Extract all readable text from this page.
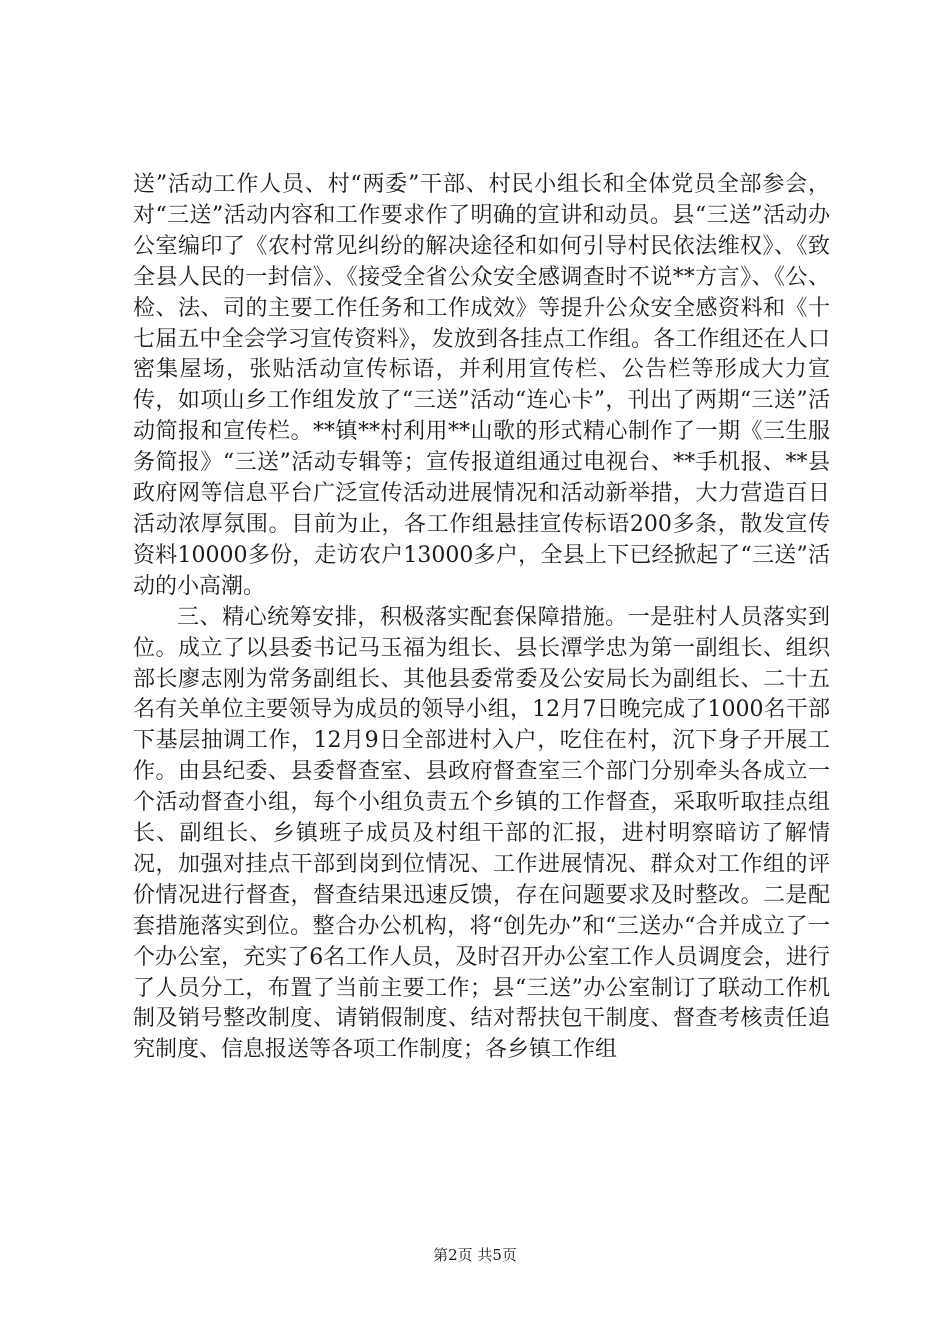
送”活动工作人员、村“两委”干部、村民小组长和全体党员全部参会，对“三送”活动内容和工作要求作了明确的宣讲和动员。县“三送”活动办公室编印了《农村常见纠纷的解决途径和如何引导村民依法维权》、《致全县人民的一封信》、《接受全省公众安全感调查时不说**方言》、《公、检、法、司的主要工作任务和工作成效》等提升公众安全感资料和《十七届五中全会学习宣传资料》，发放到各挂点工作组。各工作组还在人口密集屋场，张贴活动宣传标语，并利用宣传栏、公告栏等形成大力宣传，如项山乡工作组发放了“三送”活动“连心卡”，刊出了两期“三送”活动简报和宣传栏。**镇**村利用**山歌的形式精心制作了一期《三生服务简报》“三送”活动专辑等；宣传报道组通过电视台、**手机报、**县政府网等信息平台广泛宣传活动进展情况和活动新举措，大力营造百日活动浓厚氛围。目前为止，各工作组悬挂宣传标语200多条，散发宣传资料10000多份，走访农户13000多户，全县上下已经掀起了“三送”活动的小高潮。

三、精心统筹安排，积极落实配套保障措施。一是驻村人员落实到位。成立了以县委书记马玉福为组长、县长潭学忠为第一副组长、组织部长廖志刚为常务副组长、其他县委常委及公安局长为副组长、二十五名有关单位主要领导为成员的领导小组，12月7日晚完成了1000名干部下基层抽调工作，12月9日全部进村入户，吃住在村，沉下身子开展工作。由县纪委、县委督查室、县政府督查室三个部门分别牵头各成立一个活动督查小组，每个小组负责五个乡镇的工作督查，采取听取挂点组长、副组长、乡镇班子成员及村组干部的汇报，进村明察暗访了解情况，加强对挂点干部到岗到位情况、工作进展情况、群众对工作组的评价情况进行督查，督查结果迅速反馈，存在问题要求及时整改。二是配套措施落实到位。整合办公机构，将“创先办”和“三送办“合并成立了一个办公室，充实了6名工作人员，及时召开办公室工作人员调度会，进行了人员分工，布置了当前主要工作；县“三送”办公室制订了联动工作机制及销号整改制度、请销假制度、结对帮扶包干制度、督查考核责任追究制度、信息报送等各项工作制度；各乡镇工作组

第2页 共5页
